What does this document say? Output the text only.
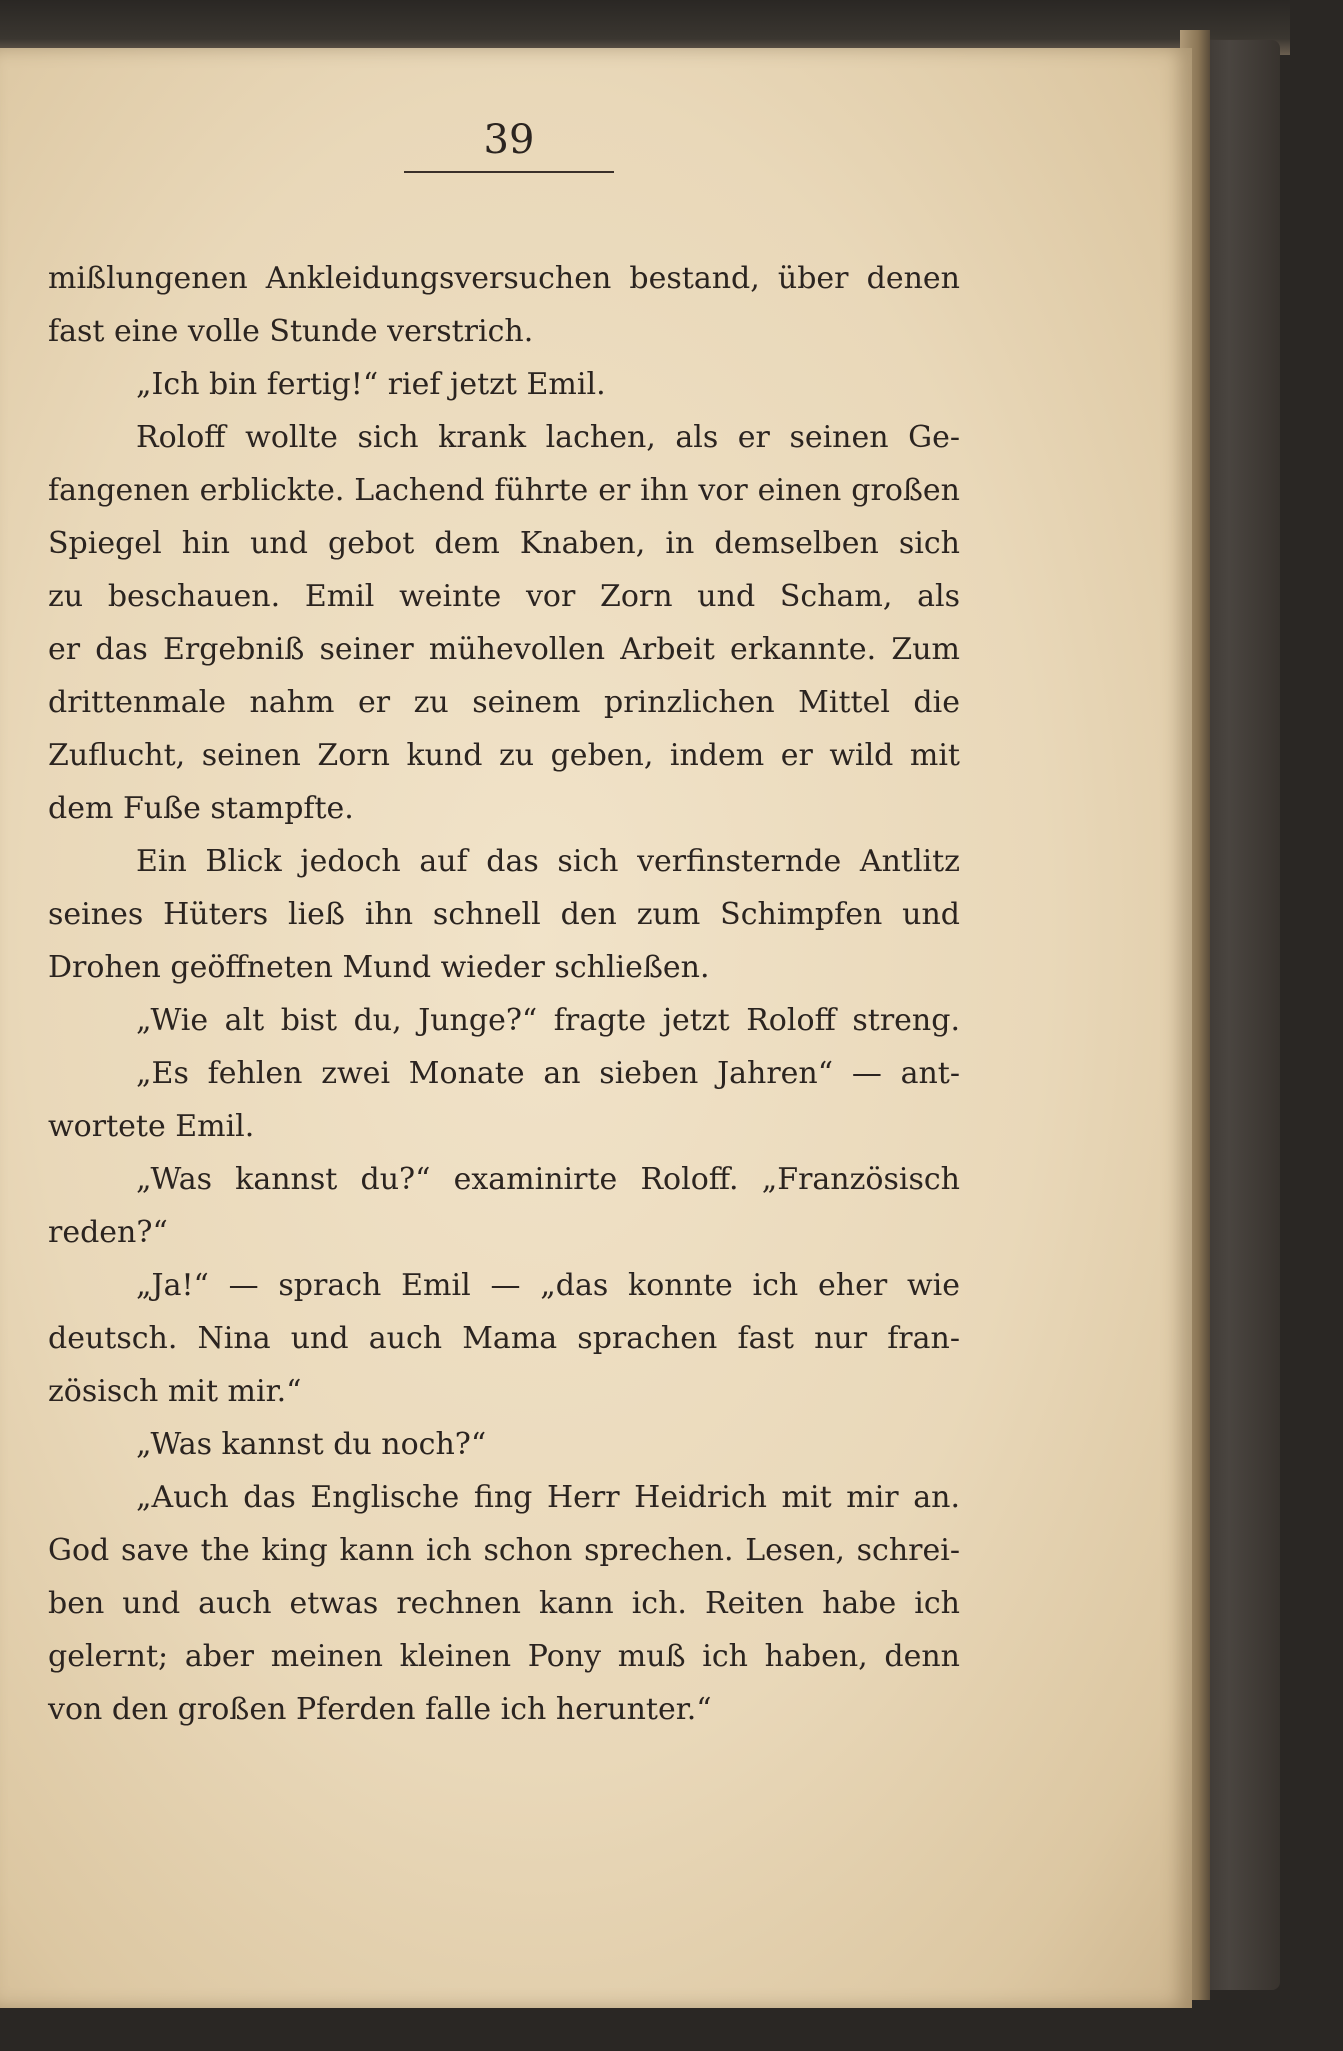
39
mißlungenen Ankleidungsversuchen bestand, über denen
fast eine volle Stunde verstrich.
„Ich bin fertig!“ rief jetzt Emil.
Roloff wollte sich krank lachen, als er seinen Ge-
fangenen erblickte. Lachend führte er ihn vor einen großen
Spiegel hin und gebot dem Knaben, in demselben sich
zu beschauen. Emil weinte vor Zorn und Scham, als
er das Ergebniß seiner mühevollen Arbeit erkannte. Zum
drittenmale nahm er zu seinem prinzlichen Mittel die
Zuflucht, seinen Zorn kund zu geben, indem er wild mit
dem Fuße stampfte.
Ein Blick jedoch auf das sich verfinsternde Antlitz
seines Hüters ließ ihn schnell den zum Schimpfen und
Drohen geöffneten Mund wieder schließen.
„Wie alt bist du, Junge?“ fragte jetzt Roloff streng.
„Es fehlen zwei Monate an sieben Jahren“ — ant-
wortete Emil.
„Was kannst du?“ examinirte Roloff. „Französisch
reden?“
„Ja!“ — sprach Emil — „das konnte ich eher wie
deutsch. Nina und auch Mama sprachen fast nur fran-
zösisch mit mir.“
„Was kannst du noch?“
„Auch das Englische fing Herr Heidrich mit mir an.
God save the king kann ich schon sprechen. Lesen, schrei-
ben und auch etwas rechnen kann ich. Reiten habe ich
gelernt; aber meinen kleinen Pony muß ich haben, denn
von den großen Pferden falle ich herunter.“
